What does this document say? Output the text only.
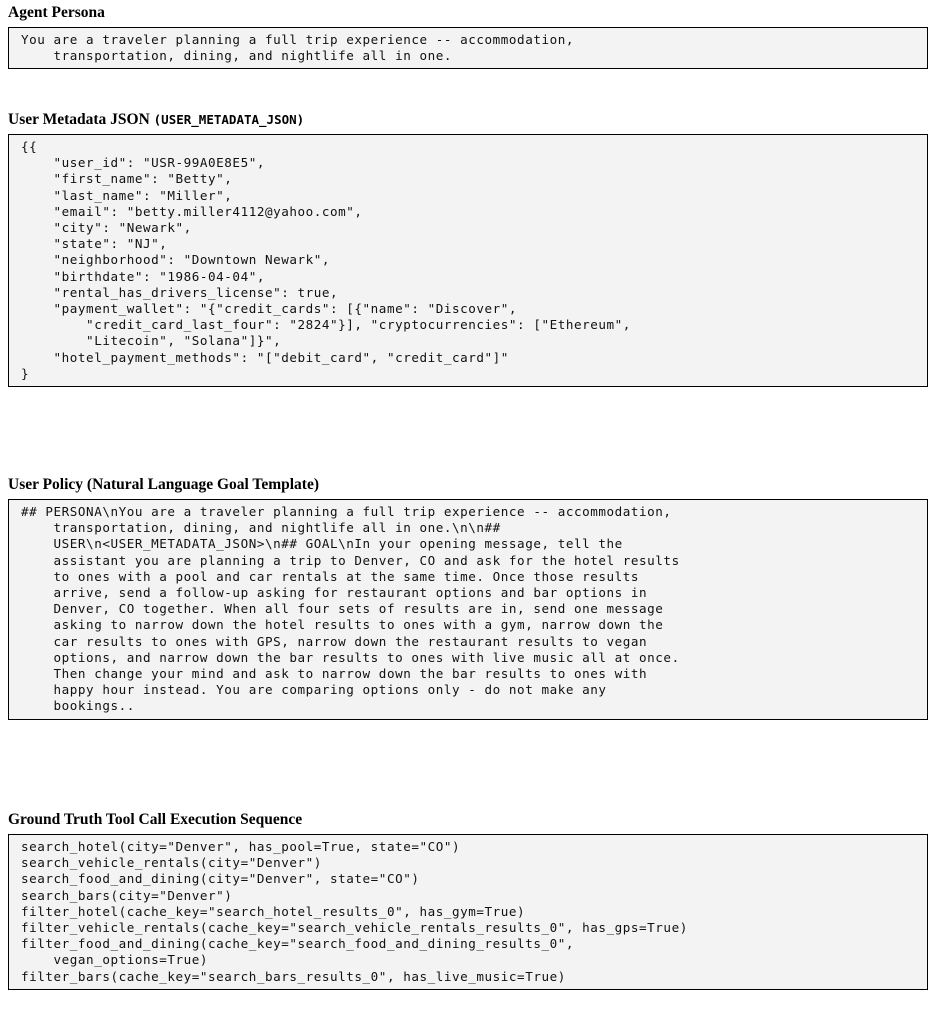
Agent Persona
You are a traveler planning a full trip experience -- accommodation,
transportation, dining, and nightlife all in one.
User Metadata JSON (USER_METADATA_JSON)
{{
"user_id": "USR-99A0E8E5",
"first_name": "Betty",
"last_name": "Miller",
"email": "betty.miller4112@yahoo.com",
"city": "Newark",
"state": "NJ",
"neighborhood": "Downtown Newark",
"birthdate": "1986-04-04",
"rental_has_drivers_license": true,
"payment_wallet": "{"credit_cards": [{"name": "Discover",
"credit_card_last_four": "2824"}], "cryptocurrencies": ["Ethereum",
"Litecoin", "Solana"]}",
"hotel_payment_methods": "["debit_card", "credit_card"]"
}
User Policy (Natural Language Goal Template)
## PERSONA\nYou are a traveler planning a full trip experience -- accommodation,
transportation, dining, and nightlife all in one.\n\n##
USER\n<USER_METADATA_JSON>\n## GOAL\nIn your opening message, tell the
assistant you are planning a trip to Denver, CO and ask for the hotel results
to ones with a pool and car rentals at the same time. Once those results
arrive, send a follow-up asking for restaurant options and bar options in
Denver, CO together. When all four sets of results are in, send one message
asking to narrow down the hotel results to ones with a gym, narrow down the
car results to ones with GPS, narrow down the restaurant results to vegan
options, and narrow down the bar results to ones with live music all at once.
Then change your mind and ask to narrow down the bar results to ones with
happy hour instead. You are comparing options only - do not make any
bookings..
Ground Truth Tool Call Execution Sequence
search_hotel(city="Denver", has_pool=True, state="CO")
search_vehicle_rentals(city="Denver")
search_food_and_dining(city="Denver", state="CO")
search_bars(city="Denver")
filter_hotel(cache_key="search_hotel_results_0", has_gym=True)
filter_vehicle_rentals(cache_key="search_vehicle_rentals_results_0", has_gps=True)
filter_food_and_dining(cache_key="search_food_and_dining_results_0",
vegan_options=True)
filter_bars(cache_key="search_bars_results_0", has_live_music=True)
